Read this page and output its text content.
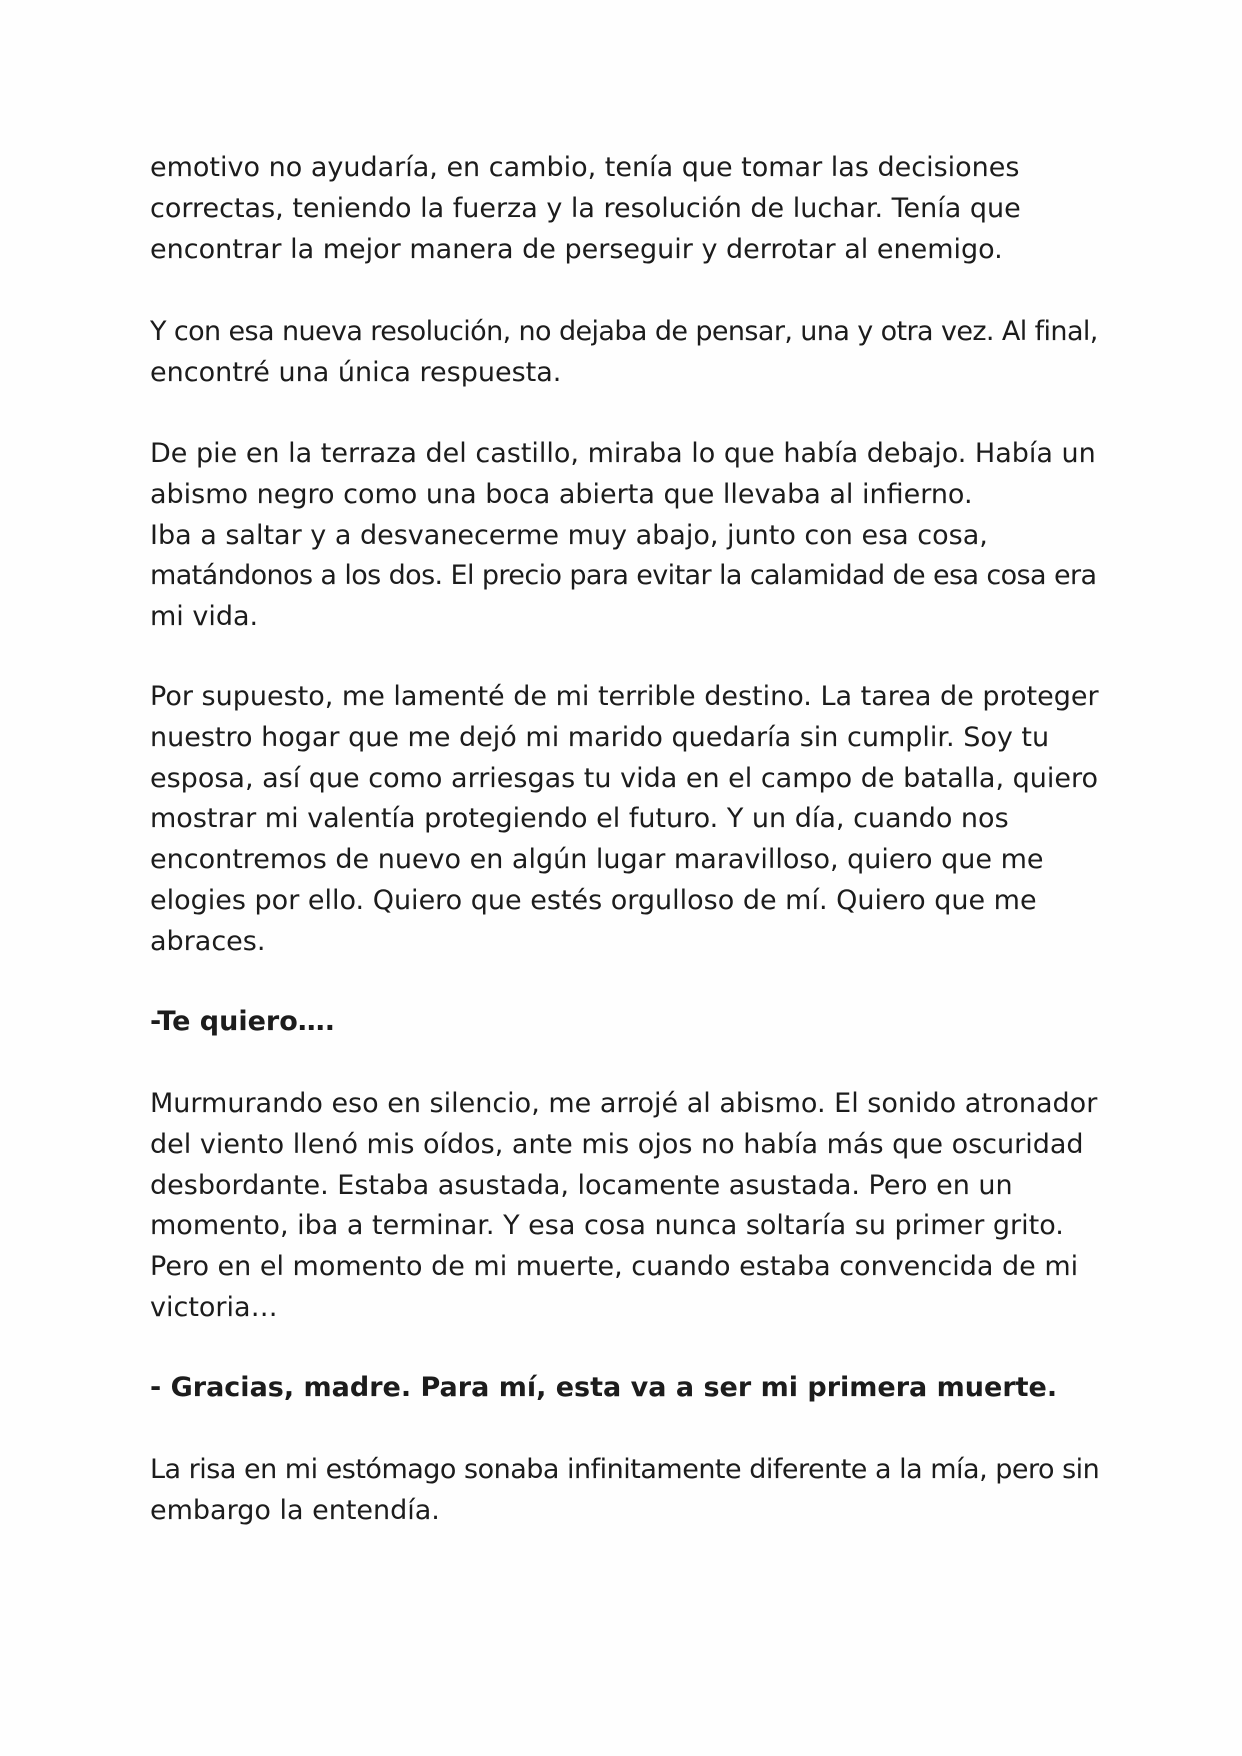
emotivo no ayudaría, en cambio, tenía que tomar las decisiones
correctas, teniendo la fuerza y la resolución de luchar. Tenía que
encontrar la mejor manera de perseguir y derrotar al enemigo.

Y con esa nueva resolución, no dejaba de pensar, una y otra vez. Al final,
encontré una única respuesta.

De pie en la terraza del castillo, miraba lo que había debajo. Había un
abismo negro como una boca abierta que llevaba al infierno.
Iba a saltar y a desvanecerme muy abajo, junto con esa cosa,
matándonos a los dos. El precio para evitar la calamidad de esa cosa era
mi vida.

Por supuesto, me lamenté de mi terrible destino. La tarea de proteger
nuestro hogar que me dejó mi marido quedaría sin cumplir. Soy tu
esposa, así que como arriesgas tu vida en el campo de batalla, quiero
mostrar mi valentía protegiendo el futuro. Y un día, cuando nos
encontremos de nuevo en algún lugar maravilloso, quiero que me
elogies por ello. Quiero que estés orgulloso de mí. Quiero que me
abraces.

-Te quiero….

Murmurando eso en silencio, me arrojé al abismo. El sonido atronador
del viento llenó mis oídos, ante mis ojos no había más que oscuridad
desbordante. Estaba asustada, locamente asustada. Pero en un
momento, iba a terminar. Y esa cosa nunca soltaría su primer grito.
Pero en el momento de mi muerte, cuando estaba convencida de mi
victoria…

- Gracias, madre. Para mí, esta va a ser mi primera muerte.

La risa en mi estómago sonaba infinitamente diferente a la mía, pero sin
embargo la entendía.
